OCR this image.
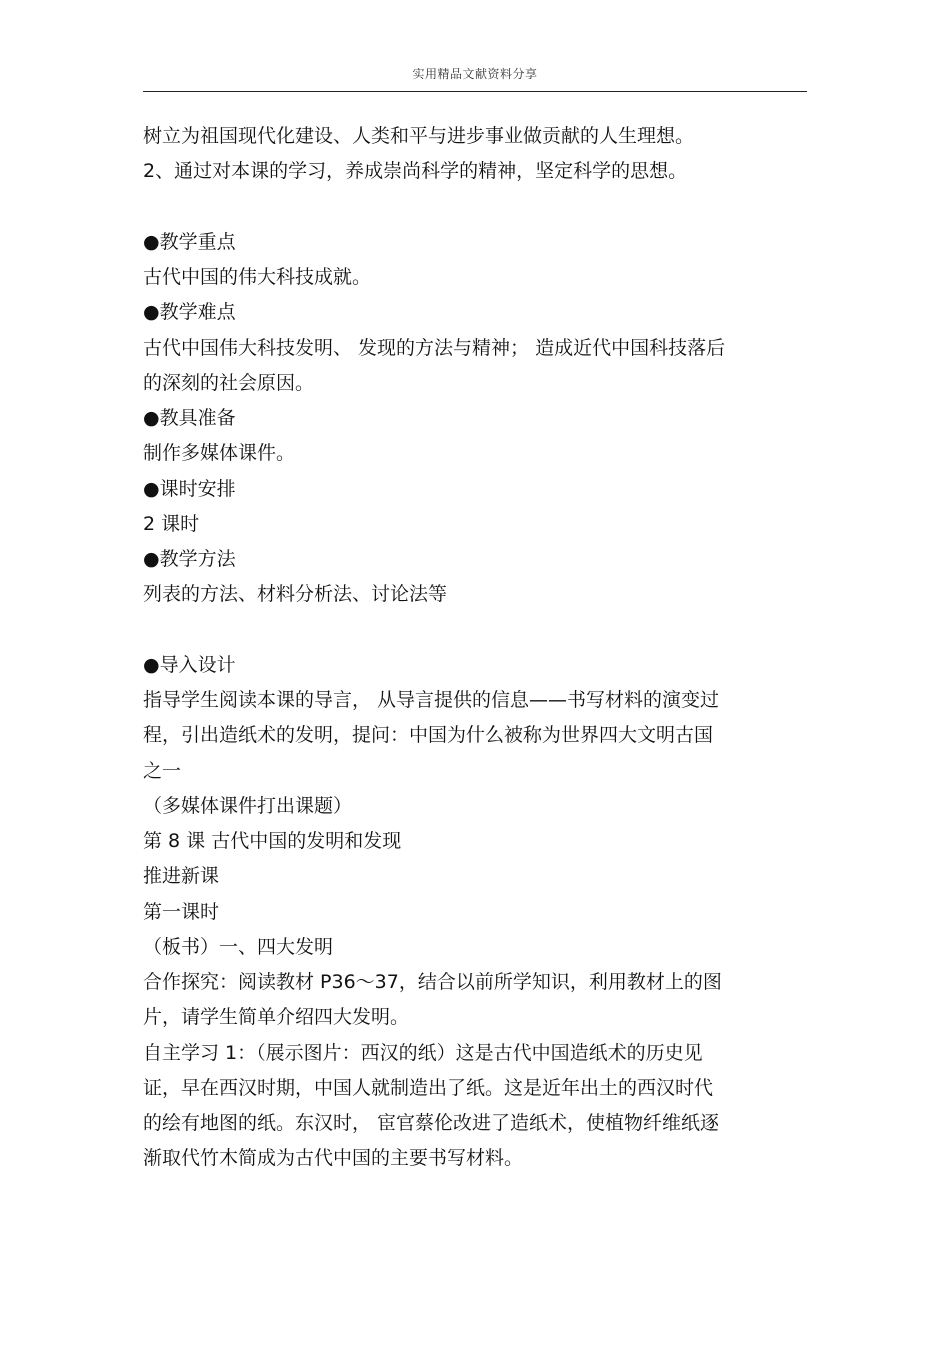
实用精品文献资料分享
树立为祖国现代化建设、人类和平与进步事业做贡献的人生理想。
2、通过对本课的学习，养成崇尚科学的精神，坚定科学的思想。
●教学重点
古代中国的伟大科技成就。
●教学难点
古代中国伟大科技发明、 发现的方法与精神； 造成近代中国科技落后
的深刻的社会原因。
●教具准备
制作多媒体课件。
●课时安排
2 课时
●教学方法
列表的方法、材料分析法、讨论法等
●导入设计
指导学生阅读本课的导言， 从导言提供的信息——书写材料的演变过
程，引出造纸术的发明，提问：中国为什么被称为世界四大文明古国
之一
（多媒体课件打出课题）
第 8 课 古代中国的发明和发现
推进新课
第一课时
（板书）一、四大发明
合作探究：阅读教材 P36～37，结合以前所学知识，利用教材上的图
片，请学生简单介绍四大发明。
自主学习 1：（展示图片：西汉的纸）这是古代中国造纸术的历史见
证，早在西汉时期，中国人就制造出了纸。这是近年出土的西汉时代
的绘有地图的纸。东汉时， 宦官蔡伦改进了造纸术，使植物纤维纸逐
渐取代竹木简成为古代中国的主要书写材料。
